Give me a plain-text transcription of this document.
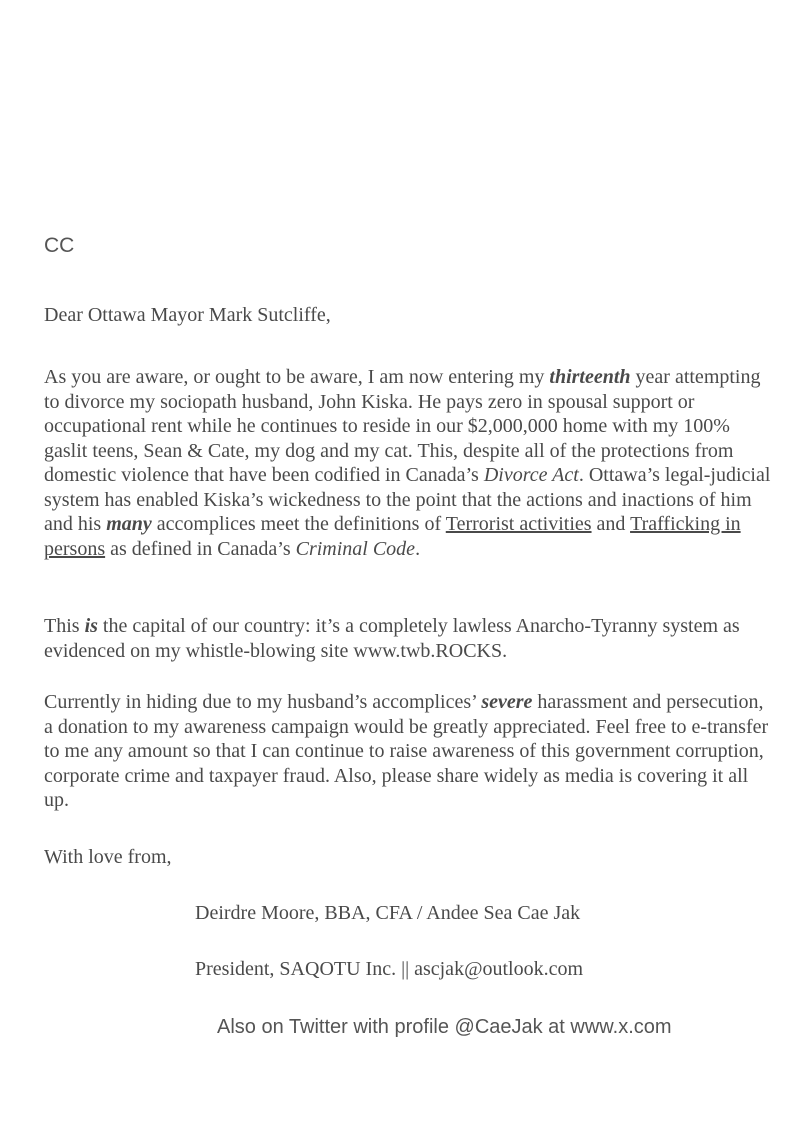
CC
Dear Ottawa Mayor Mark Sutcliffe,

As you are aware, or ought to be aware, I am now entering my thirteenth year attempting to divorce my sociopath husband, John Kiska. He pays zero in spousal support or occupational rent while he continues to reside in our $2,000,000 home with my 100% gaslit teens, Sean & Cate, my dog and my cat. This, despite all of the protections from domestic violence that have been codified in Canada’s Divorce Act. Ottawa’s legal-judicial system has enabled Kiska’s wickedness to the point that the actions and inactions of him and his many accomplices meet the definitions of Terrorist activities and Trafficking in persons as defined in Canada’s Criminal Code.

This is the capital of our country: it’s a completely lawless Anarcho-Tyranny system as evidenced on my whistle-blowing site www.twb.ROCKS.

Currently in hiding due to my husband’s accomplices’ severe harassment and persecution, a donation to my awareness campaign would be greatly appreciated. Feel free to e-transfer to me any amount so that I can continue to raise awareness of this government corruption, corporate crime and taxpayer fraud. Also, please share widely as media is covering it all up.

With love from,
Deirdre Moore, BBA, CFA / Andee Sea Cae Jak
President, SAQOTU Inc. || ascjak@outlook.com
Also on Twitter with profile @CaeJak at www.x.com
